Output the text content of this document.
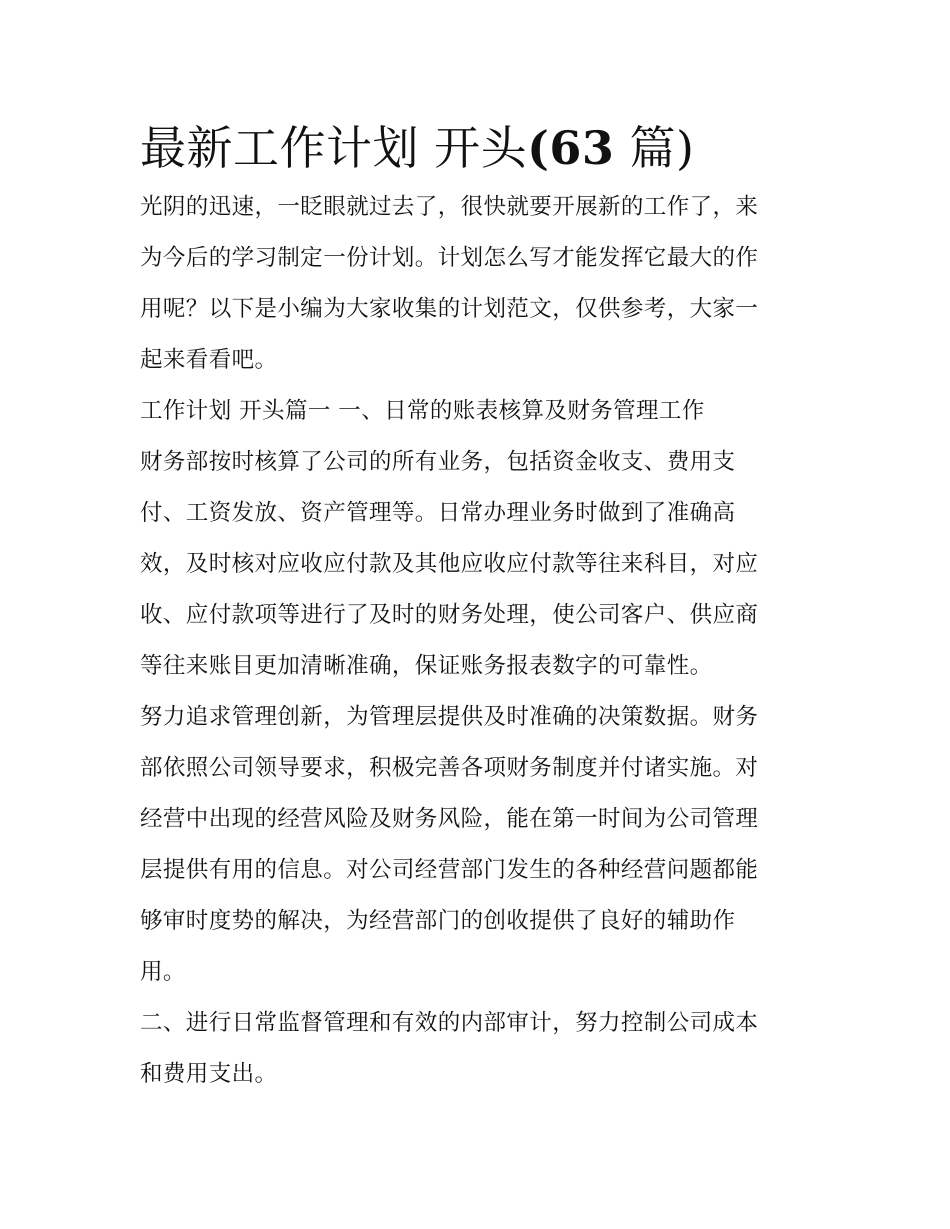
最新工作计划 开头(63 篇)

光阴的迅速，一眨眼就过去了，很快就要开展新的工作了，来

为今后的学习制定一份计划。计划怎么写才能发挥它最大的作

用呢？以下是小编为大家收集的计划范文，仅供参考，大家一

起来看看吧。

工作计划 开头篇一 一、日常的账表核算及财务管理工作

财务部按时核算了公司的所有业务，包括资金收支、费用支

付、工资发放、资产管理等。日常办理业务时做到了准确高

效，及时核对应收应付款及其他应收应付款等往来科目，对应

收、应付款项等进行了及时的财务处理，使公司客户、供应商

等往来账目更加清晰准确，保证账务报表数字的可靠性。

努力追求管理创新，为管理层提供及时准确的决策数据。财务

部依照公司领导要求，积极完善各项财务制度并付诸实施。对

经营中出现的经营风险及财务风险，能在第一时间为公司管理

层提供有用的信息。对公司经营部门发生的各种经营问题都能

够审时度势的解决，为经营部门的创收提供了良好的辅助作

用。

二、进行日常监督管理和有效的内部审计，努力控制公司成本

和费用支出。
